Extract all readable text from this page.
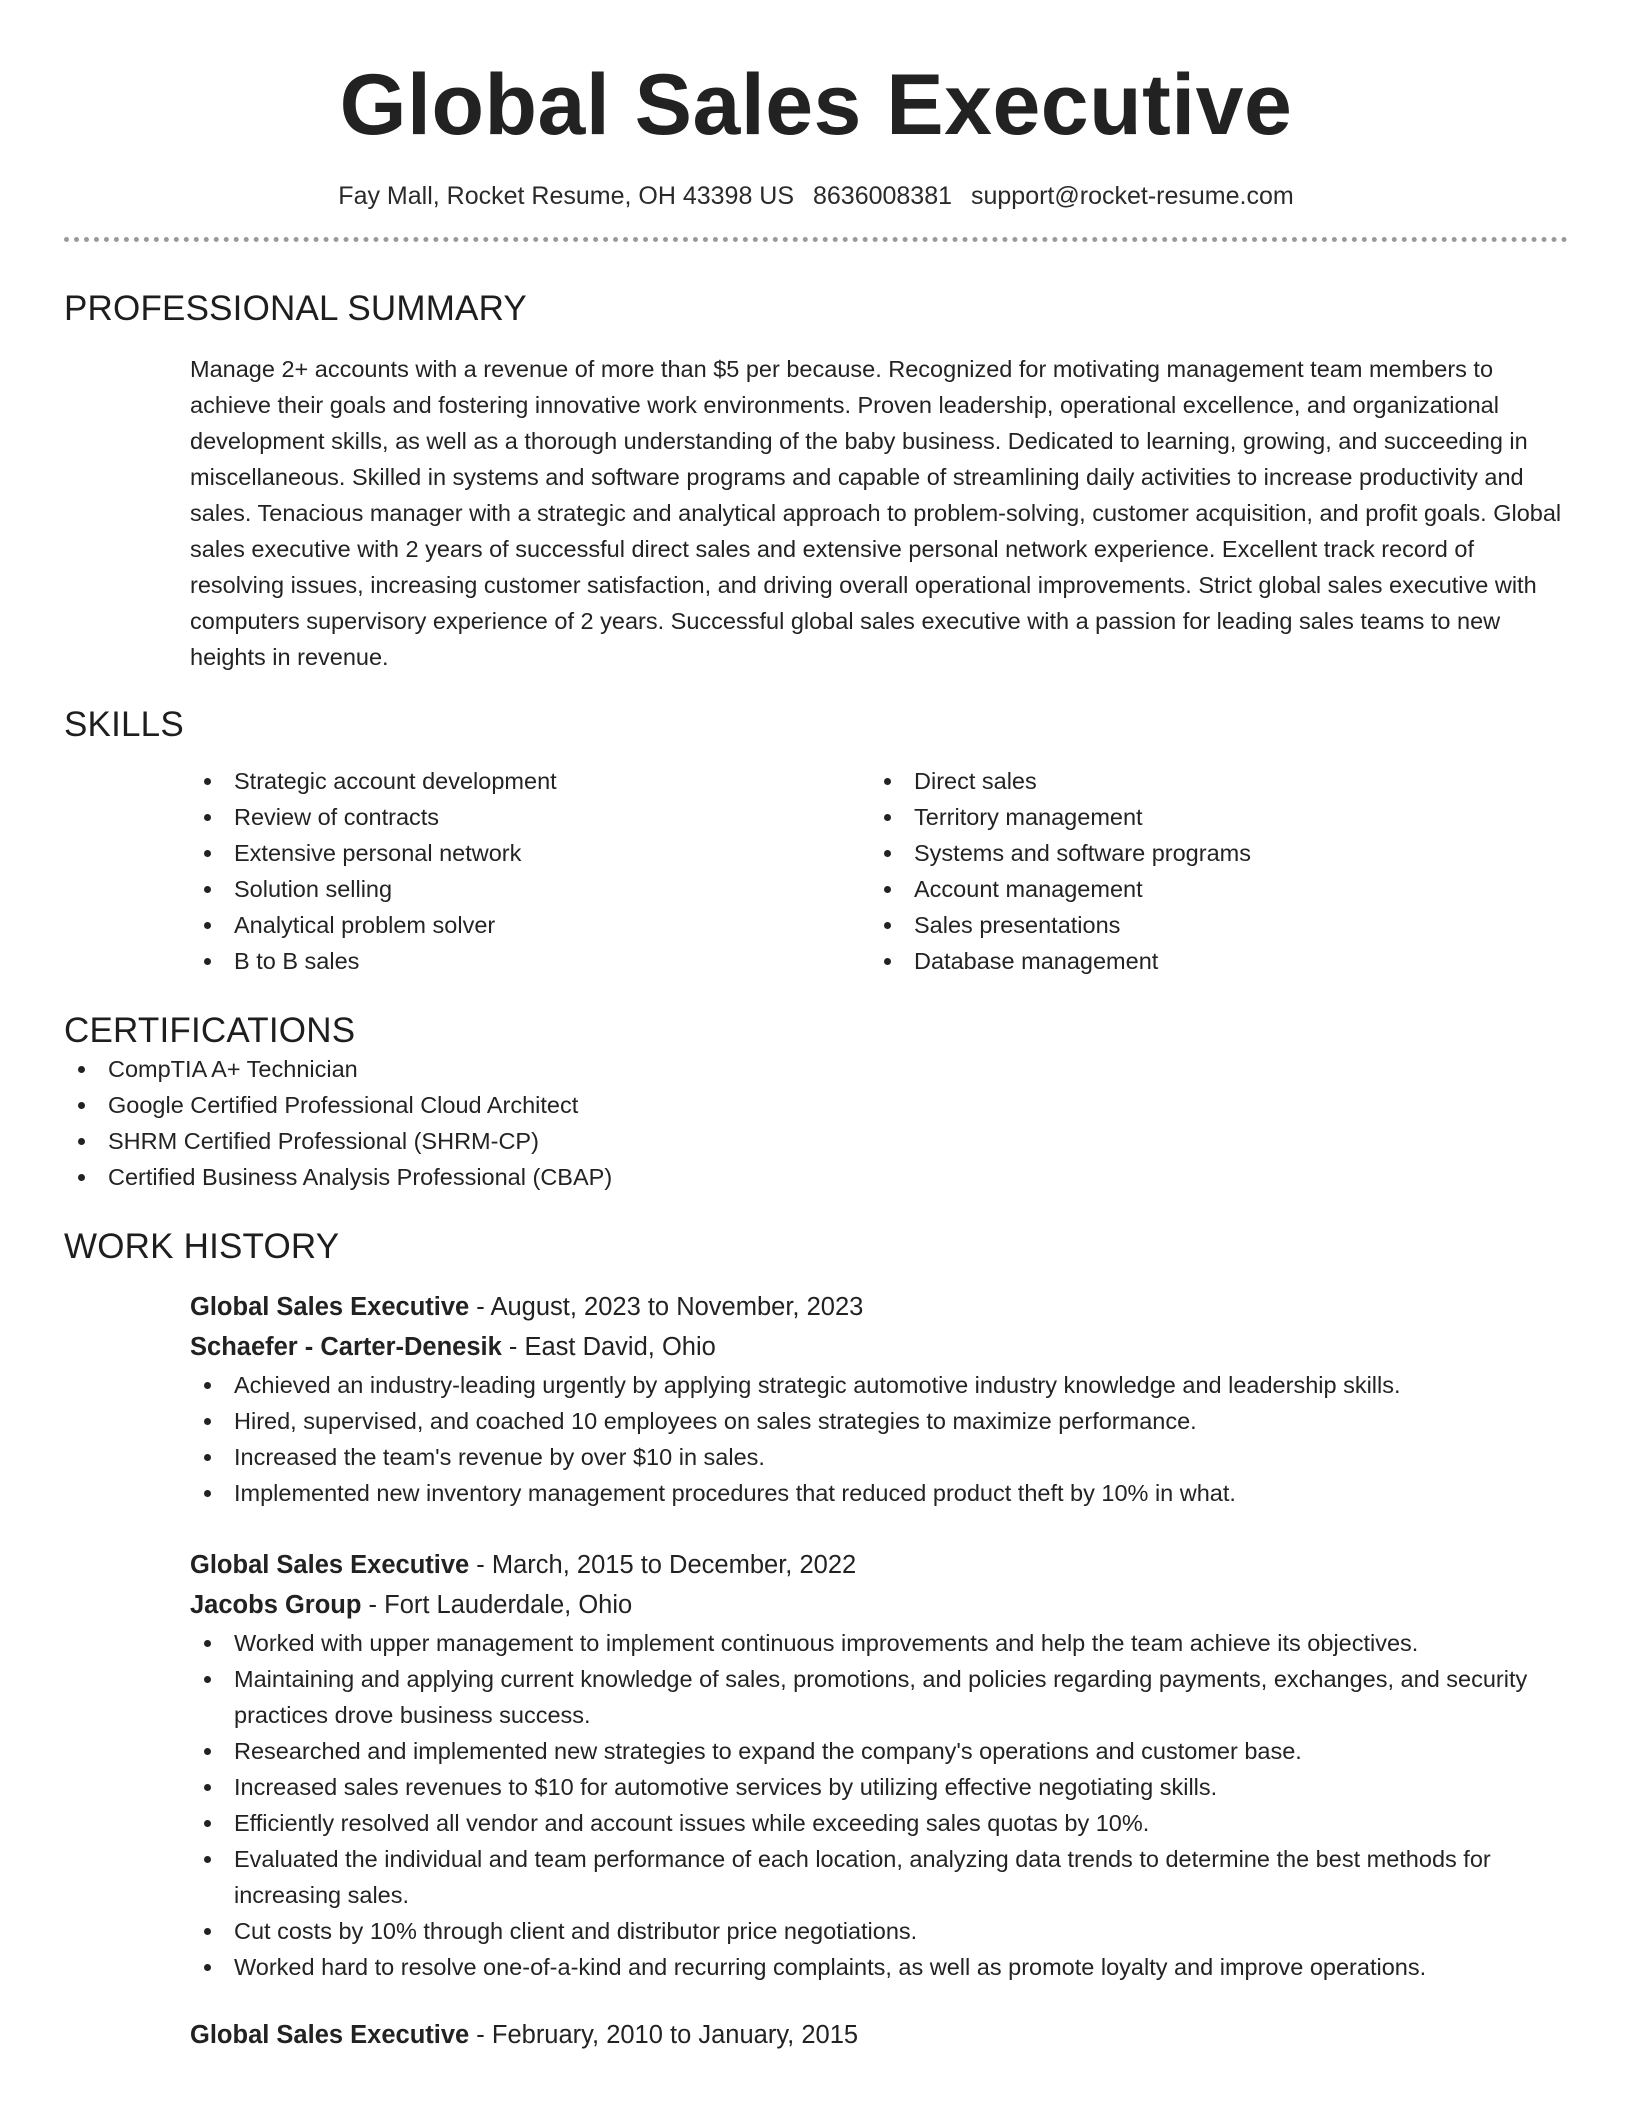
Global Sales Executive
Fay Mall, Rocket Resume, OH 43398 US 8636008381 support@rocket-resume.com
PROFESSIONAL SUMMARY

Manage 2+ accounts with a revenue of more than $5 per because. Recognized for motivating management team members to achieve their goals and fostering innovative work environments. Proven leadership, operational excellence, and organizational development skills, as well as a thorough understanding of the baby business. Dedicated to learning, growing, and succeeding in miscellaneous. Skilled in systems and software programs and capable of streamlining daily activities to increase productivity and sales. Tenacious manager with a strategic and analytical approach to problem-solving, customer acquisition, and profit goals. Global sales executive with 2 years of successful direct sales and extensive personal network experience. Excellent track record of resolving issues, increasing customer satisfaction, and driving overall operational improvements. Strict global sales executive with computers supervisory experience of 2 years. Successful global sales executive with a passion for leading sales teams to new heights in revenue.

SKILLS
Strategic account development
Review of contracts
Extensive personal network
Solution selling
Analytical problem solver
B to B sales
Direct sales
Territory management
Systems and software programs
Account management
Sales presentations
Database management
CERTIFICATIONS
CompTIA A+ Technician
Google Certified Professional Cloud Architect
SHRM Certified Professional (SHRM-CP)
Certified Business Analysis Professional (CBAP)
WORK HISTORY
Global Sales Executive - August, 2023 to November, 2023
Schaefer - Carter-Denesik - East David, Ohio
Achieved an industry-leading urgently by applying strategic automotive industry knowledge and leadership skills.
Hired, supervised, and coached 10 employees on sales strategies to maximize performance.
Increased the team's revenue by over $10 in sales.
Implemented new inventory management procedures that reduced product theft by 10% in what.
Global Sales Executive - March, 2015 to December, 2022
Jacobs Group - Fort Lauderdale, Ohio
Worked with upper management to implement continuous improvements and help the team achieve its objectives.
Maintaining and applying current knowledge of sales, promotions, and policies regarding payments, exchanges, and security practices drove business success.
Researched and implemented new strategies to expand the company's operations and customer base.
Increased sales revenues to $10 for automotive services by utilizing effective negotiating skills.
Efficiently resolved all vendor and account issues while exceeding sales quotas by 10%.
Evaluated the individual and team performance of each location, analyzing data trends to determine the best methods for increasing sales.
Cut costs by 10% through client and distributor price negotiations.
Worked hard to resolve one-of-a-kind and recurring complaints, as well as promote loyalty and improve operations.
Global Sales Executive - February, 2010 to January, 2015
